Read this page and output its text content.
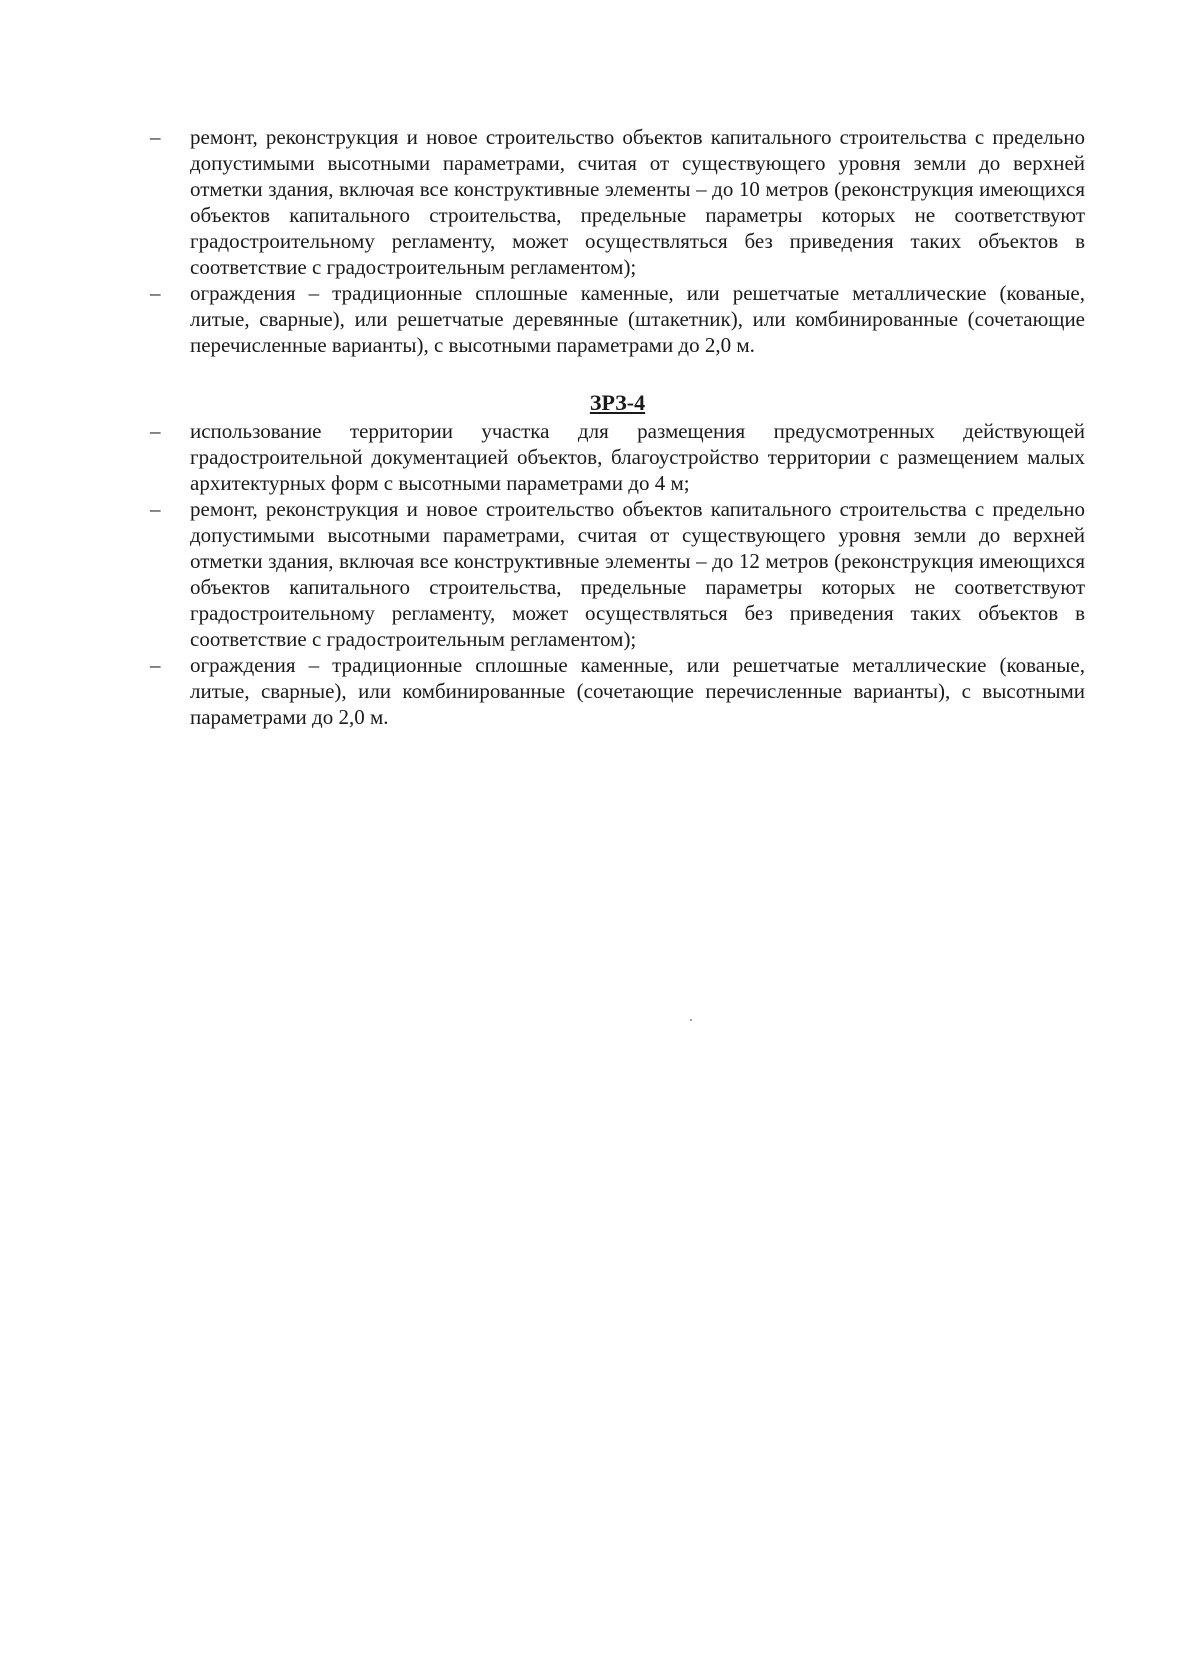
–	ремонт, реконструкция и новое строительство объектов капитального строительства с предельно допустимыми высотными параметрами, считая от существующего уровня земли до верхней отметки здания, включая все конструктивные элементы – до 10 метров (реконструкция имеющихся объектов капитального строительства, предельные параметры которых не соответствуют градостроительному регламенту, может осуществляться без приведения таких объектов в соответствие с градостроительным регламентом);
–	ограждения – традиционные сплошные каменные, или решетчатые металлические (кованые, литые, сварные), или решетчатые деревянные (штакетник), или комбинированные (сочетающие перечисленные варианты), с высотными параметрами до 2,0 м.
ЗРЗ-4
–	использование территории участка для размещения предусмотренных действующей градостроительной документацией объектов, благоустройство территории с размещением малых архитектурных форм с высотными параметрами до 4 м;
–	ремонт, реконструкция и новое строительство объектов капитального строительства с предельно допустимыми высотными параметрами, считая от существующего уровня земли до верхней отметки здания, включая все конструктивные элементы – до 12 метров (реконструкция имеющихся объектов капитального строительства, предельные параметры которых не соответствуют градостроительному регламенту, может осуществляться без приведения таких объектов в соответствие с градостроительным регламентом);
–	ограждения – традиционные сплошные каменные, или решетчатые металлические (кованые, литые, сварные), или комбинированные (сочетающие перечисленные варианты), с высотными параметрами до 2,0 м.
